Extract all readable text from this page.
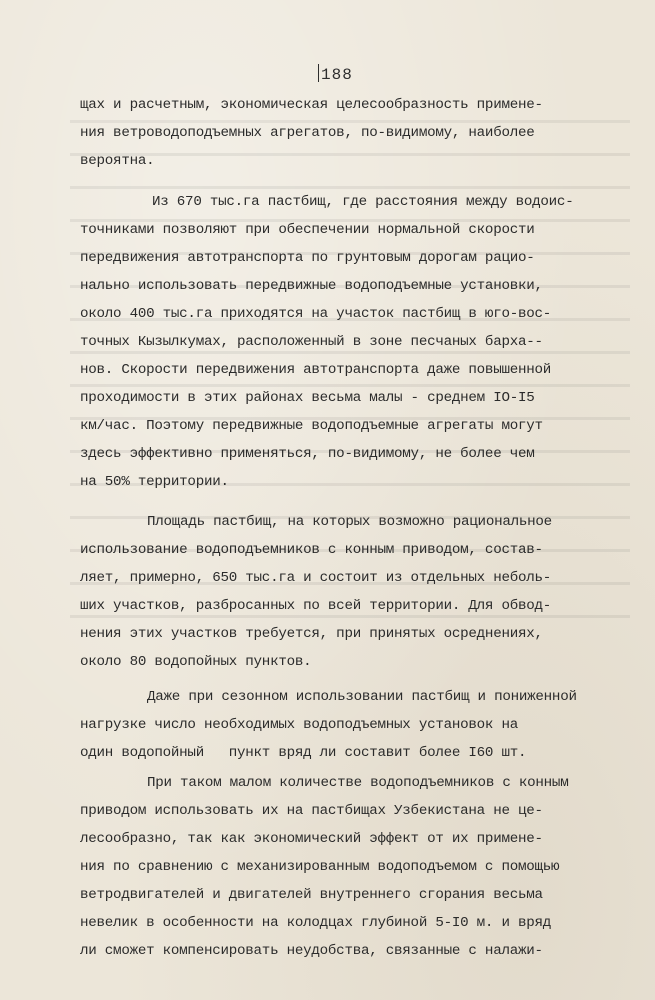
188
щах и расчетным, экономическая целесообразность примене-
ния ветроводоподъемных агрегатов, по-видимому, наиболее
вероятна.
Из 670 тыс.га пастбищ, где расстояния между водоис-
точниками позволяют при обеспечении нормальной скорости
передвижения автотранспорта по грунтовым дорогам рацио-
нально использовать передвижные водоподъемные установки,
около 400 тыс.га приходятся на участок пастбищ в юго-вос-
точных Кызылкумах, расположенный в зоне песчаных барха--
нов. Скорости передвижения автотранспорта даже повышенной
проходимости в этих районах весьма малы - среднем IO-I5
км/час. Поэтому передвижные водоподъемные агрегаты могут
здесь эффективно применяться, по-видимому, не более чем
на 50% территории.
Площадь пастбищ, на которых возможно рациональное
использование водоподъемников с конным приводом, состав-
ляет, примерно, 650 тыс.га и состоит из отдельных неболь-
ших участков, разбросанных по всей территории. Для обвод-
нения этих участков требуется, при принятых осреднениях,
около 80 водопойных пунктов.
Даже при сезонном использовании пастбищ и пониженной
нагрузке число необходимых водоподъемных установок на
один водопойный   пункт вряд ли составит более I60 шт.
При таком малом количестве водоподъемников с конным
приводом использовать их на пастбищах Узбекистана не це-
лесообразно, так как экономический эффект от их примене-
ния по сравнению с механизированным водоподъемом с помощью
ветродвигателей и двигателей внутреннего сгорания весьма
невелик в особенности на колодцах глубиной 5-I0 м. и вряд
ли сможет компенсировать неудобства, связанные с налажи-
